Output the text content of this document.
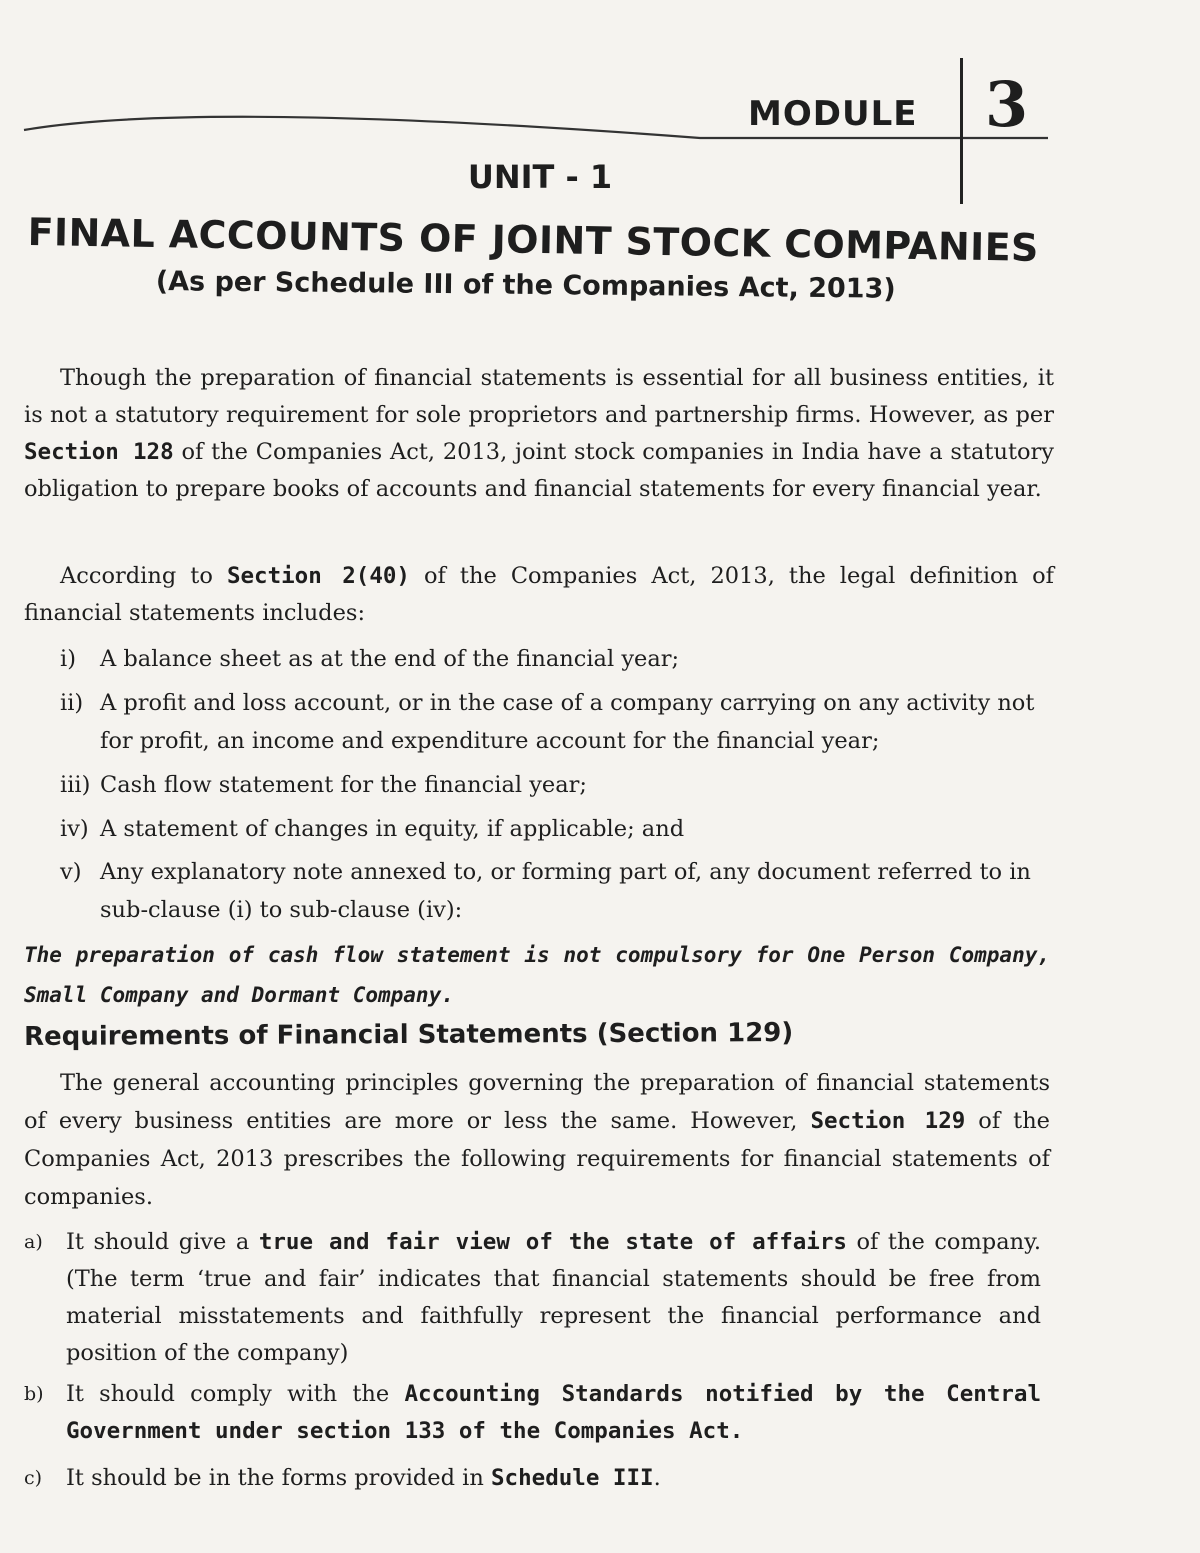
MODULE 3
UNIT - 1
FINAL ACCOUNTS OF JOINT STOCK COMPANIES
(As per Schedule III of the Companies Act, 2013)
Though the preparation of financial statements is essential for all business entities, it is not a statutory requirement for sole proprietors and partnership firms. However, as per Section 128 of the Companies Act, 2013, joint stock companies in India have a statutory obligation to prepare books of accounts and financial statements for every financial year.
According to Section 2(40) of the Companies Act, 2013, the legal definition of financial statements includes:
i) A balance sheet as at the end of the financial year;
ii) A profit and loss account, or in the case of a company carrying on any activity not for profit, an income and expenditure account for the financial year;
iii) Cash flow statement for the financial year;
iv) A statement of changes in equity, if applicable; and
v) Any explanatory note annexed to, or forming part of, any document referred to in sub-clause (i) to sub-clause (iv):
The preparation of cash flow statement is not compulsory for One Person Company, Small Company and Dormant Company.
Requirements of Financial Statements (Section 129)
The general accounting principles governing the preparation of financial statements of every business entities are more or less the same. However, Section 129 of the Companies Act, 2013 prescribes the following requirements for financial statements of companies.
a) It should give a true and fair view of the state of affairs of the company. (The term ‘true and fair’ indicates that financial statements should be free from material misstatements and faithfully represent the financial performance and position of the company)
b) It should comply with the Accounting Standards notified by the Central Government under section 133 of the Companies Act.
c) It should be in the forms provided in Schedule III.
